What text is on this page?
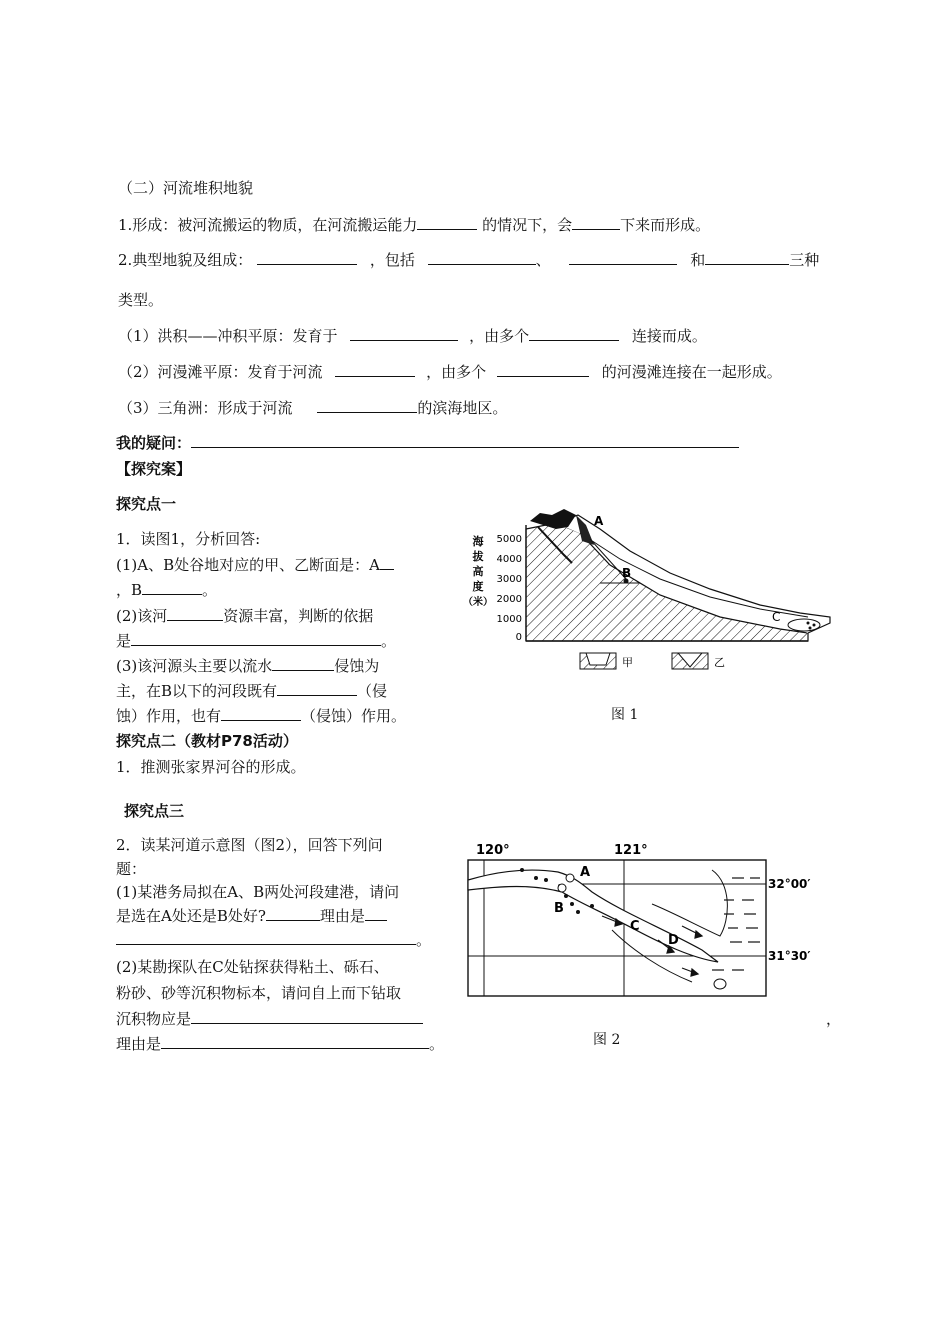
（二）河流堆积地貌
1.形成：被河流搬运的物质，在河流搬运能力	的情况下，会	下来而形成。
2.典型地貌及组成：	，包括	、	和	三种
类型。
（1）洪积——冲积平原：发育于	，由多个	连接而成。
（2）河漫滩平原：发育于河流	，由多个	的河漫滩连接在一起形成。
（3）三角洲：形成于河流	的滨海地区。
我的疑问：
【探究案】
探究点一
1．读图1，分析回答:
(1)A、B处谷地对应的甲、乙断面是：A
，B	。
(2)该河	资源丰富，判断的依据
是	。
(3)该河源头主要以流水	侵蚀为
主，在B以下的河段既有	（侵
蚀）作用，也有	（侵蚀）作用。
探究点二（教材P78活动）
1．推测张家界河谷的形成。
探究点三
2．读某河道示意图（图2），回答下列问
题：
(1)某港务局拟在A、B两处河段建港，请问
是选在A处还是B处好?	理由是
。
(2)某勘探队在C处钻探获得粘土、砾石、
粉砂、砂等沉积物标本，请问自上而下钻取
沉积物应是	，
理由是	。
海
拔
高
度
（米）
5000
4000
3000
2000
1000
0
A
B
C
甲	乙
图 1
120°	121°
32°00′
31°30′
A
B
C
D
图 2
